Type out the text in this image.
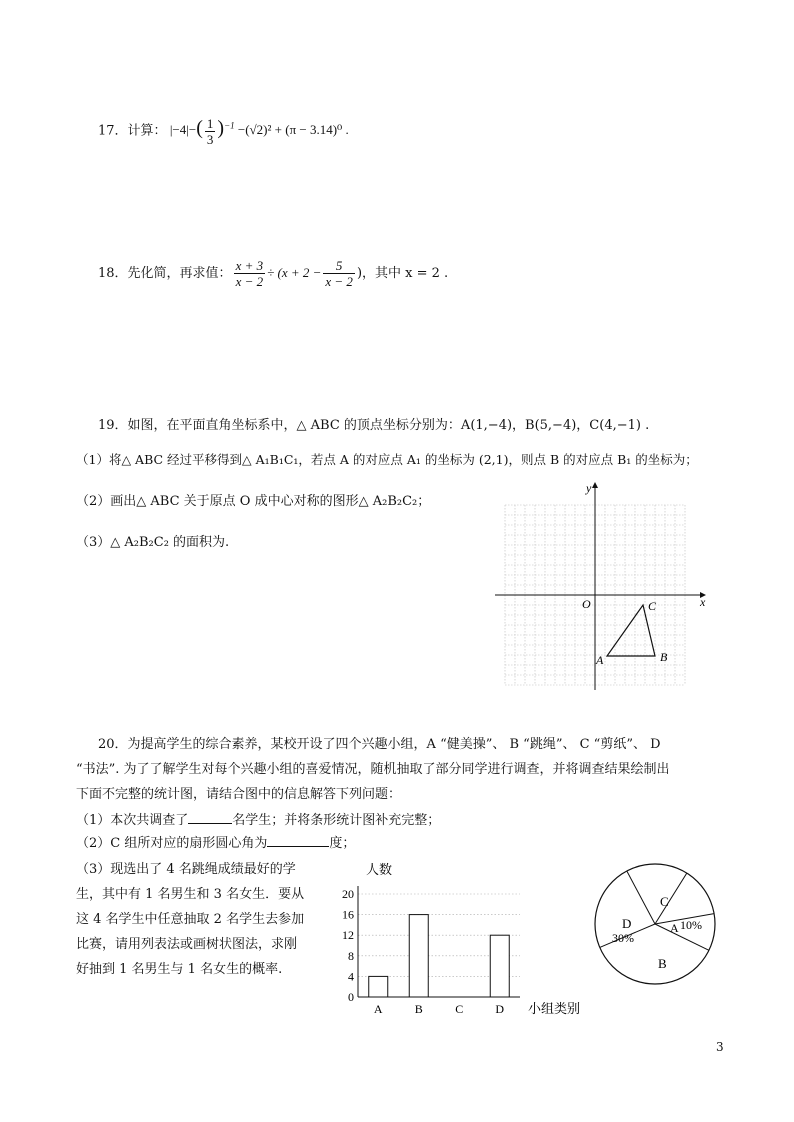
17．计算： $|-4|-( \frac{1}{3} )^{-1} -(√2)^2 + (\pi - 3.14)^0$ .
18．先化简，再求值： $\frac{x + 3}{x - 2} \div (x + 2 - \frac{5}{x - 2}$ )，其中 x = 2 .
19．如图，在平面直角坐标系中，△ ABC 的顶点坐标分别为：A(1,−4)，B(5,−4)，C(4,−1) .
（1）将△ ABC 经过平移得到△ A₁B₁C₁，若点 A 的对应点 A₁ 的坐标为 (2,1)，则点 B 的对应点 B₁ 的坐标为；
（2）画出△ ABC 关于原点 O 成中心对称的图形△ A₂B₂C₂；
（3）△ A₂B₂C₂ 的面积为.
x
y
O
A	B
C
20．为提高学生的综合素养，某校开设了四个兴趣小组，A “健美操”、 B “跳绳”、 C “剪纸”、 D
“书法”. 为了了解学生对每个兴趣小组的喜爱情况，随机抽取了部分同学进行调查，并将调查结果绘制出
下面不完整的统计图，请结合图中的信息解答下列问题：
（1）本次共调查了	名学生；并将条形统计图补充完整；
（2）C 组所对应的扇形圆心角为	度；
（3）现选出了 4 名跳绳成绩最好的学
生，其中有 1 名男生和 3 名女生．要从
这 4 名学生中任意抽取 2 名学生去参加
比赛，请用列表法或画树状图法，求刚
好抽到 1 名男生与 1 名女生的概率.
人数
0
4
8
12
16
20
A	B	C	D 小组类别
C
D
30%
A 10%
B
3
